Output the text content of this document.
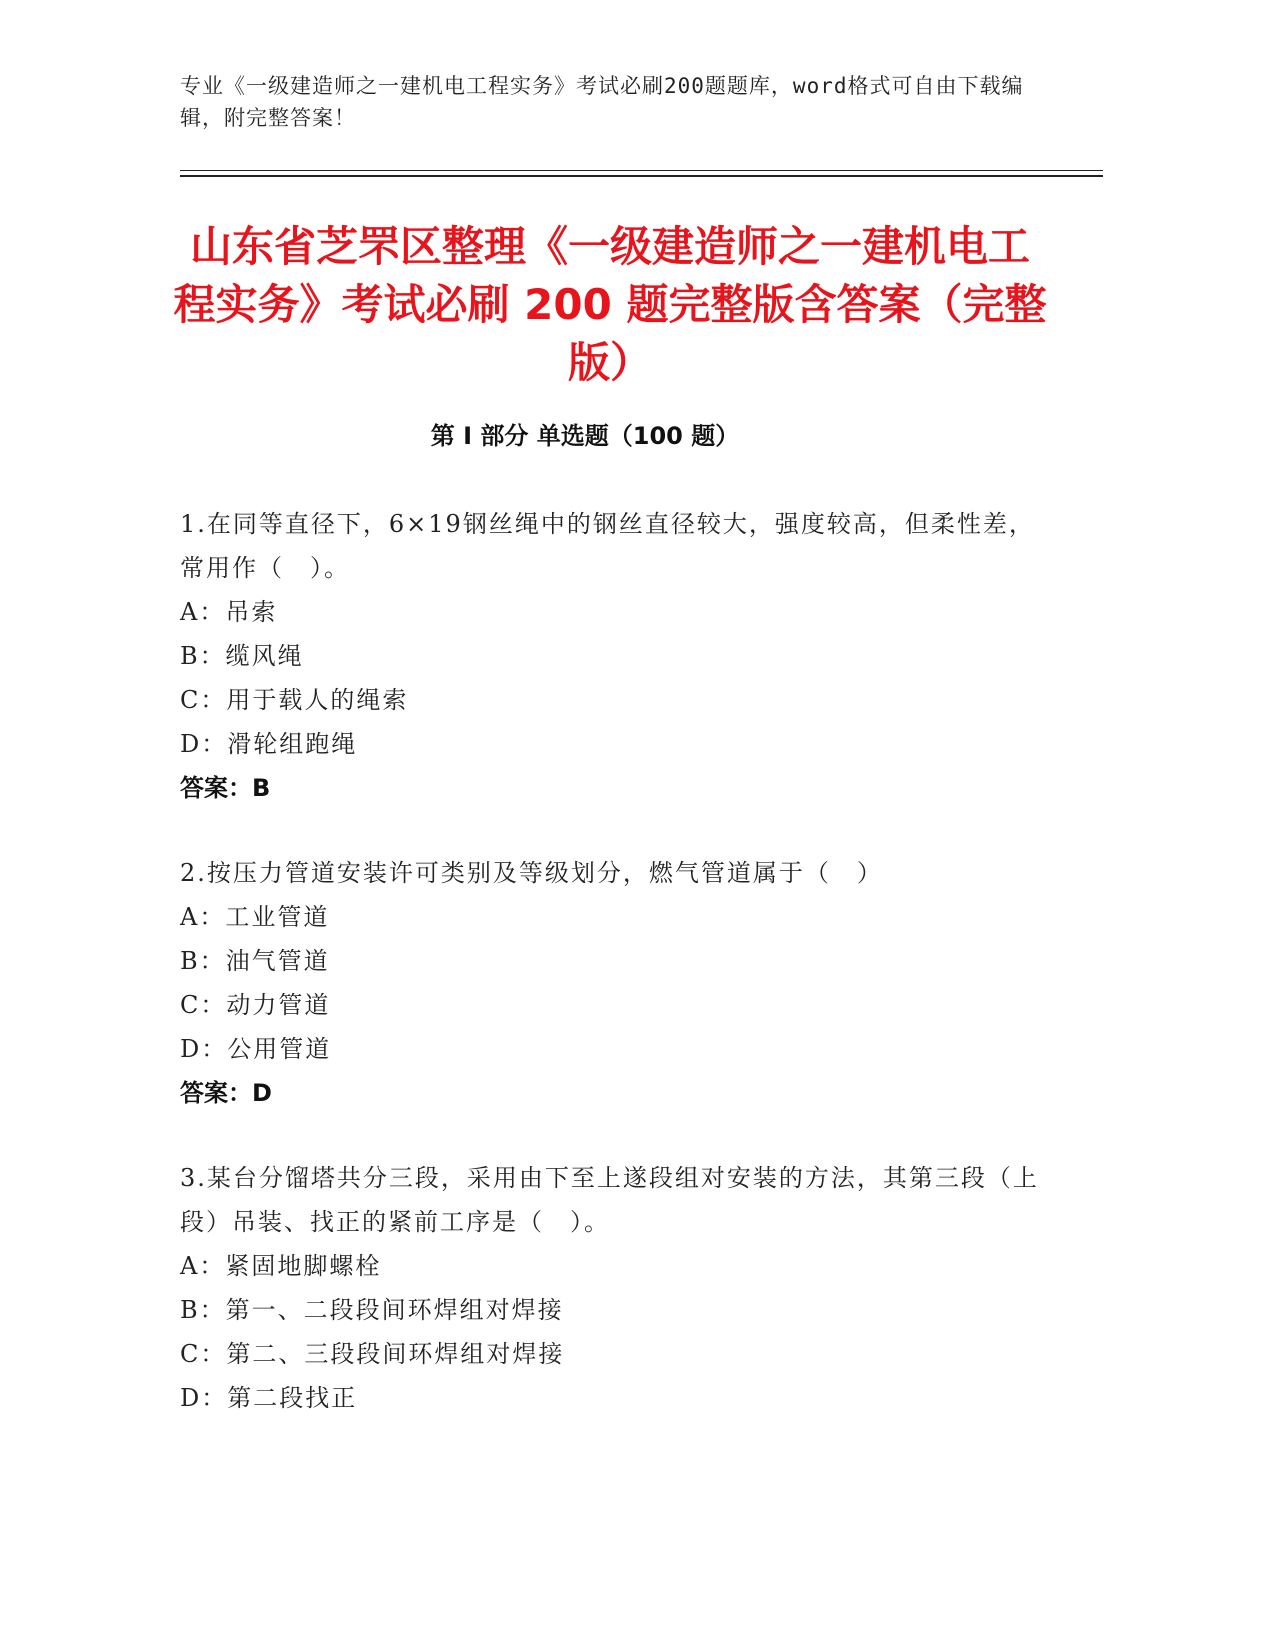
专业《一级建造师之一建机电工程实务》考试必刷200题题库，word格式可自由下载编辑，附完整答案！
山东省芝罘区整理《一级建造师之一建机电工程实务》考试必刷 200 题完整版含答案（完整版）
第 I 部分 单选题（100 题）
1.在同等直径下，6×19钢丝绳中的钢丝直径较大，强度较高，但柔性差，常用作（　）。
A：吊索
B：缆风绳
C：用于载人的绳索
D：滑轮组跑绳
答案：B
2.按压力管道安装许可类别及等级划分，燃气管道属于（　）
A：工业管道
B：油气管道
C：动力管道
D：公用管道
答案：D
3.某台分馏塔共分三段，采用由下至上遂段组对安装的方法，其第三段（上段）吊装、找正的紧前工序是（　）。
A：紧固地脚螺栓
B：第一、二段段间环焊组对焊接
C：第二、三段段间环焊组对焊接
D：第二段找正
